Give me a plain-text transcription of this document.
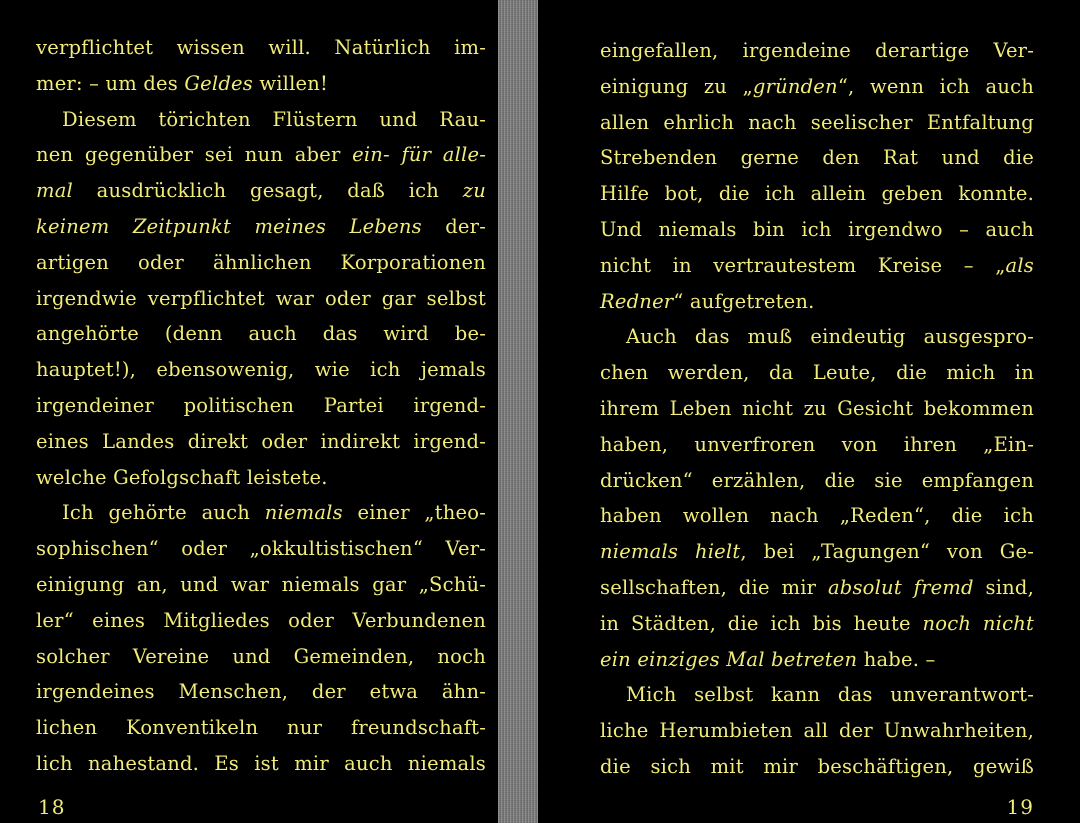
verpflichtet wissen will. Natürlich im-

mer: – um des Geldes willen!

Diesem törichten Flüstern und Rau-

nen gegenüber sei nun aber ein- für alle-

mal ausdrücklich gesagt, daß ich zu

keinem Zeitpunkt meines Lebens der-

artigen oder ähnlichen Korporationen

irgendwie verpflichtet war oder gar selbst

angehörte (denn auch das wird be-

hauptet!), ebensowenig, wie ich jemals

irgendeiner politischen Partei irgend-

eines Landes direkt oder indirekt irgend-

welche Gefolgschaft leistete.

Ich gehörte auch niemals einer „theo-

sophischen“ oder „okkultistischen“ Ver-

einigung an, und war niemals gar „Schü-

ler“ eines Mitgliedes oder Verbundenen

solcher Vereine und Gemeinden, noch

irgendeines Menschen, der etwa ähn-

lichen Konventikeln nur freundschaft-

lich nahestand. Es ist mir auch niemals

18

eingefallen, irgendeine derartige Ver-

einigung zu „gründen“, wenn ich auch

allen ehrlich nach seelischer Entfaltung

Strebenden gerne den Rat und die

Hilfe bot, die ich allein geben konnte.

Und niemals bin ich irgendwo – auch

nicht in vertrautestem Kreise – „als

Redner“ aufgetreten.

Auch das muß eindeutig ausgespro-

chen werden, da Leute, die mich in

ihrem Leben nicht zu Gesicht bekommen

haben, unverfroren von ihren „Ein-

drücken“ erzählen, die sie empfangen

haben wollen nach „Reden“, die ich

niemals hielt, bei „Tagungen“ von Ge-

sellschaften, die mir absolut fremd sind,

in Städten, die ich bis heute noch nicht

ein einziges Mal betreten habe. –

Mich selbst kann das unverantwort-

liche Herumbieten all der Unwahrheiten,

die sich mit mir beschäftigen, gewiß

19
